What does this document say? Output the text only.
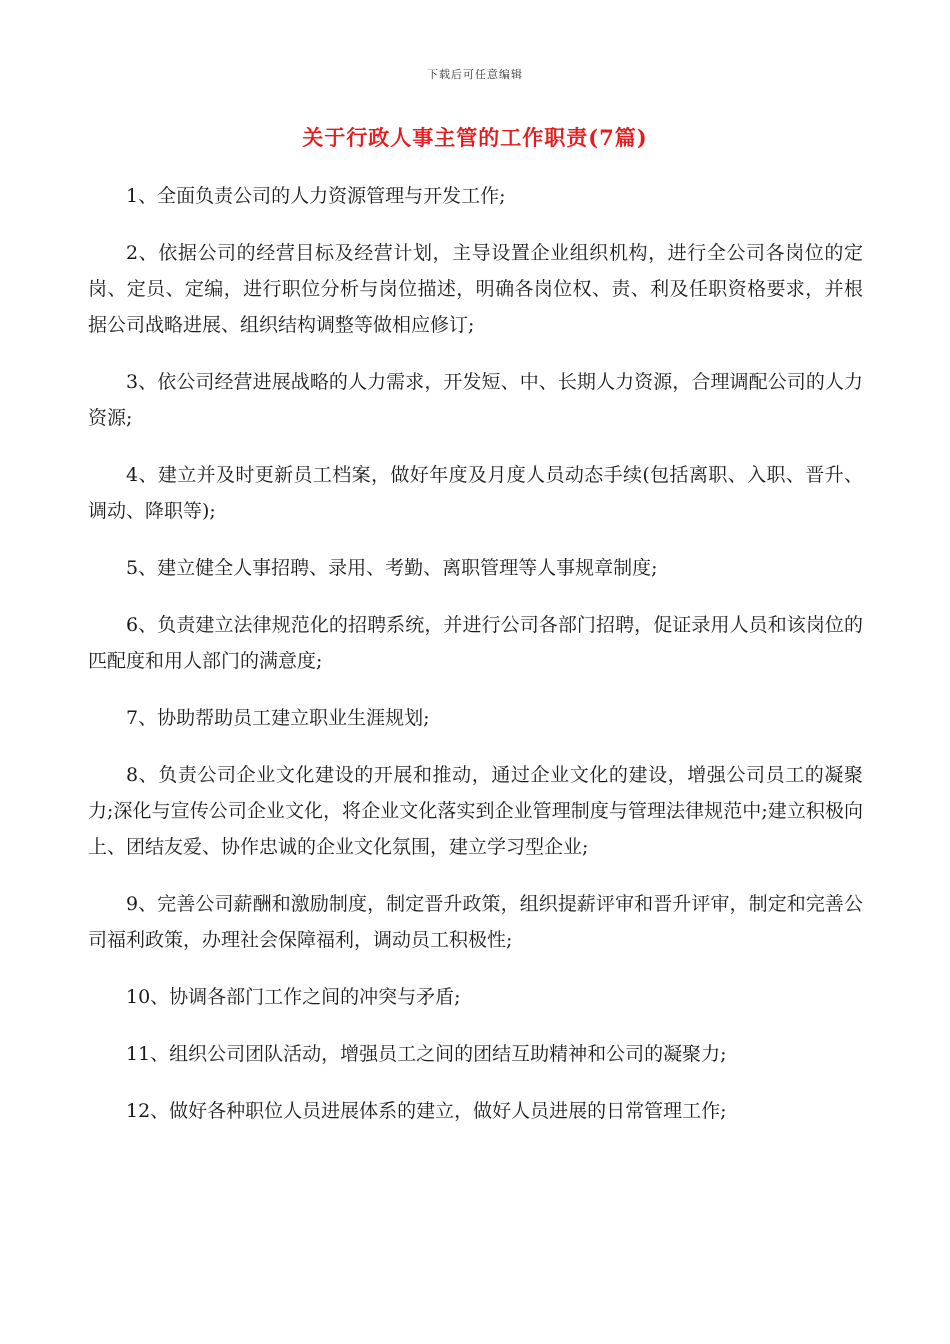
下载后可任意编辑
关于行政人事主管的工作职责(7篇)

1、全面负责公司的人力资源管理与开发工作;

2、依据公司的经营目标及经营计划，主导设置企业组织机构，进行全公司各岗位的定岗、定员、定编，进行职位分析与岗位描述，明确各岗位权、责、利及任职资格要求，并根据公司战略进展、组织结构调整等做相应修订;

3、依公司经营进展战略的人力需求，开发短、中、长期人力资源，合理调配公司的人力资源;

4、建立并及时更新员工档案，做好年度及月度人员动态手续(包括离职、入职、晋升、调动、降职等);

5、建立健全人事招聘、录用、考勤、离职管理等人事规章制度;

6、负责建立法律规范化的招聘系统，并进行公司各部门招聘，促证录用人员和该岗位的匹配度和用人部门的满意度;

7、协助帮助员工建立职业生涯规划;

8、负责公司企业文化建设的开展和推动，通过企业文化的建设，增强公司员工的凝聚力;深化与宣传公司企业文化，将企业文化落实到企业管理制度与管理法律规范中;建立积极向上、团结友爱、协作忠诚的企业文化氛围，建立学习型企业;

9、完善公司薪酬和激励制度，制定晋升政策，组织提薪评审和晋升评审，制定和完善公司福利政策，办理社会保障福利，调动员工积极性;

10、协调各部门工作之间的冲突与矛盾;

11、组织公司团队活动，增强员工之间的团结互助精神和公司的凝聚力;

12、做好各种职位人员进展体系的建立，做好人员进展的日常管理工作;
